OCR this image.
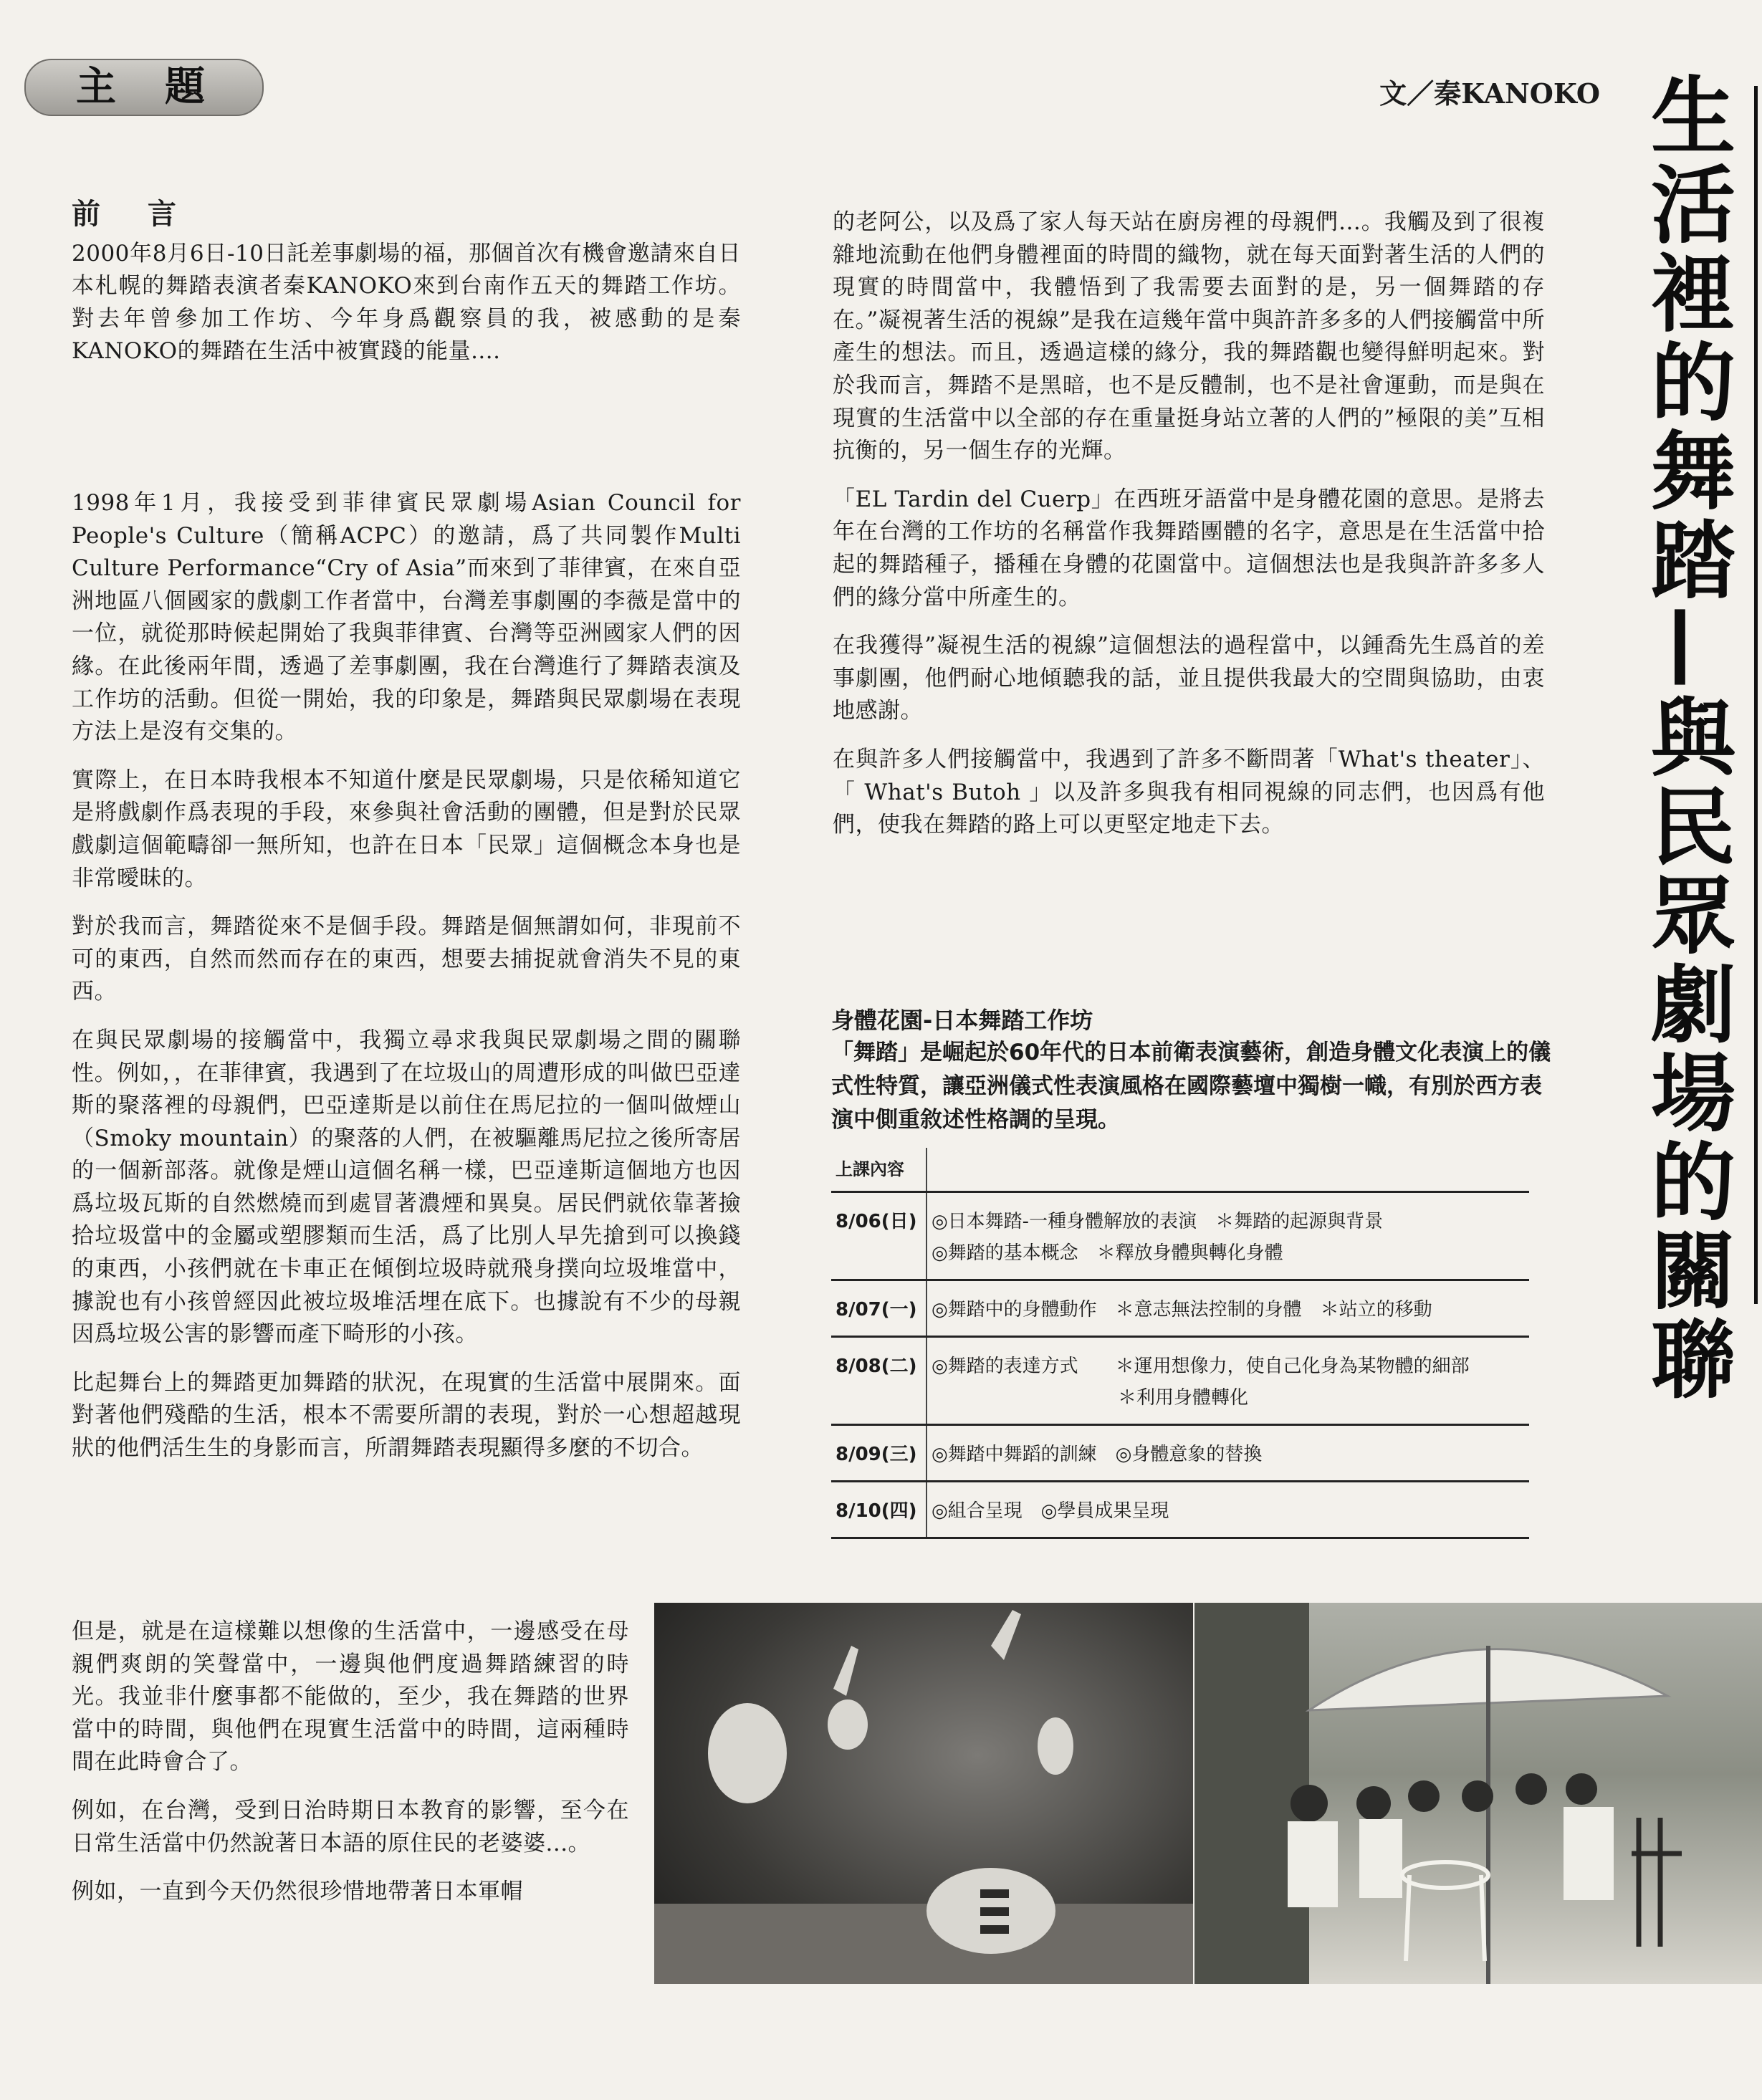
主題	文／秦KANOKO 生活裡的舞踏—與民眾劇場的關聯
前 言

2000年8月6日-10日託差事劇場的福，那個首次有機會邀請來自日本札幌的舞踏表演者秦KANOKO來到台南作五天的舞踏工作坊。對去年曾參加工作坊、今年身爲觀察員的我，被感動的是秦KANOKO的舞踏在生活中被實踐的能量....

1998年1月，我接受到菲律賓民眾劇場Asian Council for People's Culture（簡稱ACPC）的邀請，爲了共同製作Multi Culture Performance“Cry of Asia”而來到了菲律賓，在來自亞洲地區八個國家的戲劇工作者當中，台灣差事劇團的李薇是當中的一位，就從那時候起開始了我與菲律賓、台灣等亞洲國家人們的因緣。在此後兩年間，透過了差事劇團，我在台灣進行了舞踏表演及工作坊的活動。但從一開始，我的印象是，舞踏與民眾劇場在表現方法上是沒有交集的。

實際上，在日本時我根本不知道什麼是民眾劇場，只是依稀知道它是將戲劇作爲表現的手段，來參與社會活動的團體，但是對於民眾戲劇這個範疇卻一無所知，也許在日本「民眾」這個概念本身也是非常曖昧的。

對於我而言，舞踏從來不是個手段。舞踏是個無謂如何，非現前不可的東西，自然而然而存在的東西，想要去捕捉就會消失不見的東西。

在與民眾劇場的接觸當中，我獨立尋求我與民眾劇場之間的關聯性。例如，，在菲律賓，我遇到了在垃圾山的周遭形成的叫做巴亞達斯的聚落裡的母親們，巴亞達斯是以前住在馬尼拉的一個叫做煙山（Smoky mountain）的聚落的人們，在被驅離馬尼拉之後所寄居的一個新部落。就像是煙山這個名稱一樣，巴亞達斯這個地方也因爲垃圾瓦斯的自然燃燒而到處冒著濃煙和異臭。居民們就依靠著撿拾垃圾當中的金屬或塑膠類而生活，爲了比別人早先搶到可以換錢的東西，小孩們就在卡車正在傾倒垃圾時就飛身撲向垃圾堆當中，據說也有小孩曾經因此被垃圾堆活埋在底下。也據說有不少的母親因爲垃圾公害的影響而產下畸形的小孩。

比起舞台上的舞踏更加舞踏的狀況，在現實的生活當中展開來。面對著他們殘酷的生活，根本不需要所謂的表現，對於一心想超越現狀的他們活生生的身影而言，所謂舞踏表現顯得多麼的不切合。

但是，就是在這樣難以想像的生活當中，一邊感受在母親們爽朗的笑聲當中，一邊與他們度過舞踏練習的時光。我並非什麼事都不能做的，至少，我在舞踏的世界當中的時間，與他們在現實生活當中的時間，這兩種時間在此時會合了。

例如，在台灣，受到日治時期日本教育的影響，至今在日常生活當中仍然說著日本語的原住民的老婆婆...。

例如，一直到今天仍然很珍惜地帶著日本軍帽

的老阿公，以及爲了家人每天站在廚房裡的母親們...。我觸及到了很複雜地流動在他們身體裡面的時間的織物，就在每天面對著生活的人們的現實的時間當中，我體悟到了我需要去面對的是，另一個舞踏的存在。”凝視著生活的視線”是我在這幾年當中與許許多多的人們接觸當中所產生的想法。而且，透過這樣的緣分，我的舞踏觀也變得鮮明起來。對於我而言，舞踏不是黑暗，也不是反體制，也不是社會運動，而是與在現實的生活當中以全部的存在重量挺身站立著的人們的”極限的美”互相抗衡的，另一個生存的光輝。

「EL Tardin del Cuerp」在西班牙語當中是身體花園的意思。是將去年在台灣的工作坊的名稱當作我舞踏團體的名字，意思是在生活當中拾起的舞踏種子，播種在身體的花園當中。這個想法也是我與許許多多人們的緣分當中所產生的。

在我獲得”凝視生活的視線”這個想法的過程當中，以鍾喬先生爲首的差事劇團，他們耐心地傾聽我的話，並且提供我最大的空間與協助，由衷地感謝。

在與許多人們接觸當中，我遇到了許多不斷問著「What's theater」、「 What's Butoh 」以及許多與我有相同視線的同志們，也因爲有他們，使我在舞踏的路上可以更堅定地走下去。

身體花園-日本舞踏工作坊
「舞踏」是崛起於60年代的日本前衛表演藝術，創造身體文化表演上的儀式性特質，讓亞洲儀式性表演風格在國際藝壇中獨樹一幟，有別於西方表演中側重敘述性格調的呈現。
上課內容	
8/06(日)	◎日本舞踏-一種身體解放的表演　＊舞踏的起源與背景
◎舞踏的基本概念　＊釋放身體與轉化身體

8/07(一)	◎舞踏中的身體動作　＊意志無法控制的身體　＊站立的移動

8/08(二)	◎舞踏的表達方式　　＊運用想像力，使自己化身為某物體的細部
　　　　　　　　　　＊利用身體轉化

8/09(三)	◎舞踏中舞蹈的訓練　◎身體意象的替換

8/10(四)	◎組合呈現　◎學員成果呈現
